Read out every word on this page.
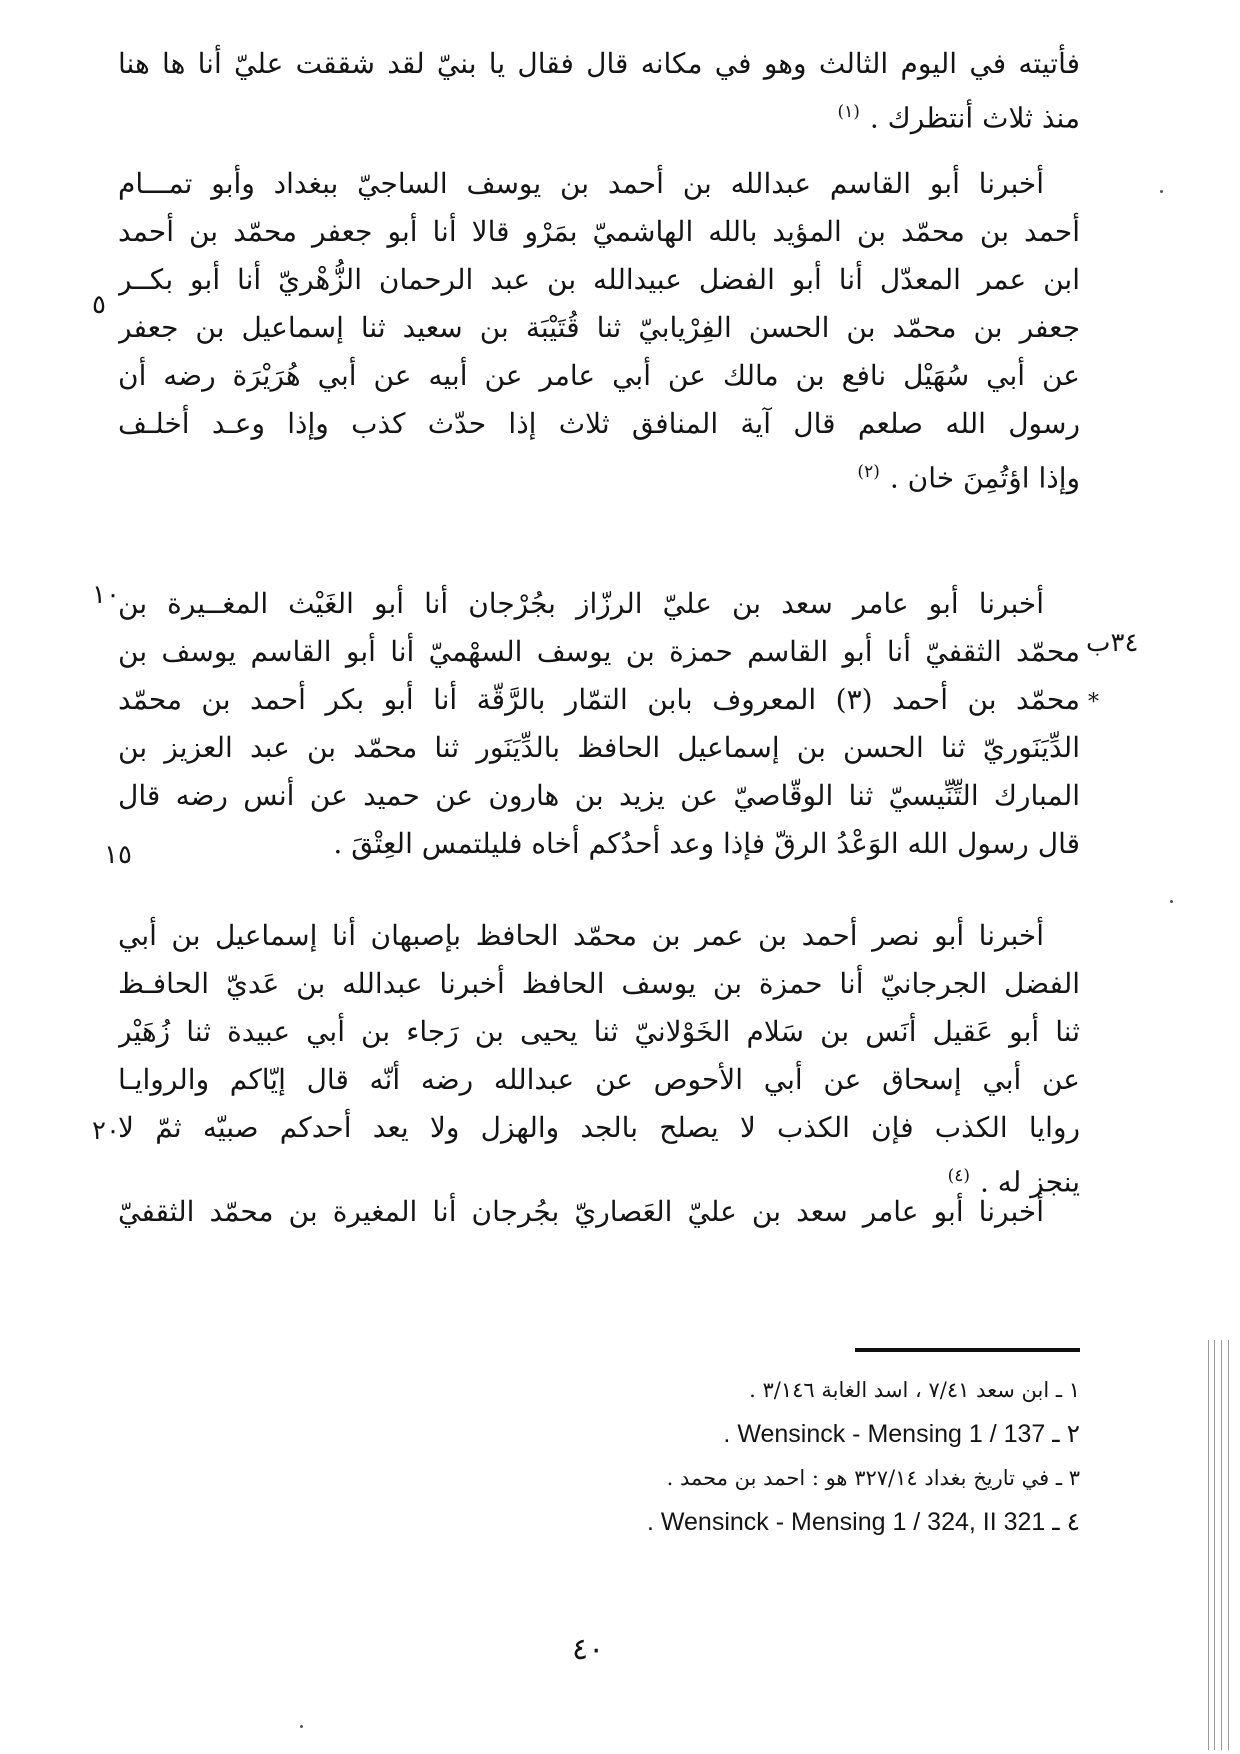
فأتيته في اليوم الثالث وهو في مكانه قال فقال يا بنيّ لقد شققت عليّ أنا ها هنا
منذ ثلاث أنتظرك .$^{(١)}$
أخبرنا أبو القاسم عبدالله بن أحمد بن يوسف الساجيّ ببغداد وأبو تمـــام
أحمد بن محمّد بن المؤيد بالله الهاشميّ بمَرْو قالا أنا أبو جعفر محمّد بن أحمد
ابن عمر المعدّل أنا أبو الفضل عبيدالله بن عبد الرحمان الزُّهْريّ أنا أبو بكــر
جعفر بن محمّد بن الحسن الفِرْيابيّ ثنا قُتَيْبَة بن سعيد ثنا إسماعيل بن جعفر
عن أبي سُهَيْل نافع بن مالك عن أبي عامر عن أبيه عن أبي هُرَيْرَة رضه أن
رسول الله صلعم قال آية المنافق ثلاث إذا حدّث كذب وإذا وعـد أخلـف
وإذا اؤتُمِنَ خان .$^{(٢)}$
أخبرنا أبو عامر سعد بن عليّ الرزّاز بجُرْجان أنا أبو الغَيْث المغــيرة بن
محمّد الثقفيّ أنا أبو القاسم حمزة بن يوسف السهْميّ أنا أبو القاسم يوسف بن
محمّد بن أحمد (٣) المعروف بابن التمّار بالرَّقّة أنا أبو بكر أحمد بن محمّد
الدِّيَنَوريّ ثنا الحسن بن إسماعيل الحافظ بالدِّيَنَور ثنا محمّد بن عبد العزيز بن
المبارك التِّنِّيسيّ ثنا الوقّاصيّ عن يزيد بن هارون عن حميد عن أنس رضه قال
قال رسول الله الوَعْدُ الرقّ فإذا وعد أحدُكم أخاه فليلتمس العِتْقَ .
أخبرنا أبو نصر أحمد بن عمر بن محمّد الحافظ بإصبهان أنا إسماعيل بن أبي
الفضل الجرجانيّ أنا حمزة بن يوسف الحافظ أخبرنا عبدالله بن عَديّ الحافـظ
ثنا أبو عَقيل أنَس بن سَلام الخَوْلانيّ ثنا يحيى بن رَجاء بن أبي عبيدة ثنا زُهَيْر
عن أبي إسحاق عن أبي الأحوص عن عبدالله رضه أنّه قال إيّاكم والروايـا
روايا الكذب فإن الكذب لا يصلح بالجد والهزل ولا يعد أحدكم صبيّه ثمّ لا
ينجز له .$^{(٤)}$
أخبرنا أبو عامر سعد بن عليّ العَصاريّ بجُرجان أنا المغيرة بن محمّد الثقفيّ
٥
١٠
٣٤ب
*
١٥
٢٠
١ ـ ابن سعد ٧/٤١ ، اسد الغابة ٣/١٤٦ .
٢ ـ Wensinck - Mensing 1 / 137 .
٣ ـ في تاريخ بغداد ٣٢٧/١٤ هو : احمد بن محمد .
٤ ـ Wensinck - Mensing 1 / 324, II 321 .
٤٠
